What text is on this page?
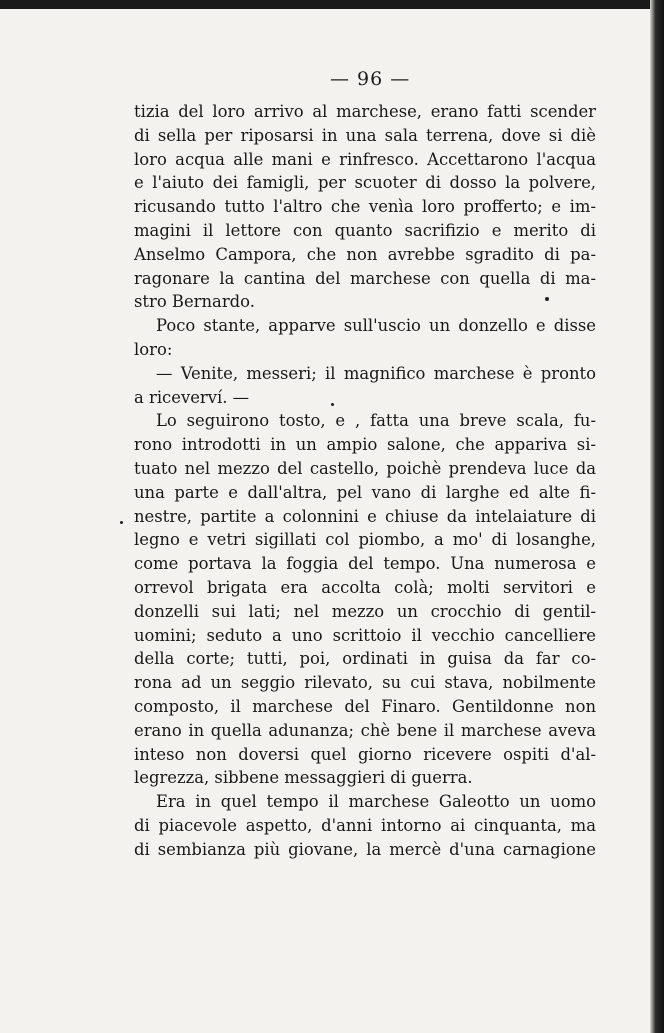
— 96 —
tizia del loro arrivo al marchese, erano fatti scender
di sella per riposarsi in una sala terrena, dove si diè
loro acqua alle mani e rinfresco. Accettarono l'acqua
e l'aiuto dei famigli, per scuoter di dosso la polvere,
ricusando tutto l'altro che venìa loro profferto; e im-
magini il lettore con quanto sacrifizio e merito di
Anselmo Campora, che non avrebbe sgradito di pa-
ragonare la cantina del marchese con quella di ma-
stro Bernardo.
Poco stante, apparve sull'uscio un donzello e disse
loro:
— Venite, messeri; il magnifico marchese è pronto
a riceverví. —
Lo seguirono tosto, e , fatta una breve scala, fu-
rono introdotti in un ampio salone, che appariva si-
tuato nel mezzo del castello, poichè prendeva luce da
una parte e dall'altra, pel vano di larghe ed alte fi-
nestre, partite a colonnini e chiuse da intelaiature di
legno e vetri sigillati col piombo, a mo' di losanghe,
come portava la foggia del tempo. Una numerosa e
orrevol brigata era accolta colà; molti servitori e
donzelli sui lati; nel mezzo un crocchio di gentil-
uomini; seduto a uno scrittoio il vecchio cancelliere
della corte; tutti, poi, ordinati in guisa da far co-
rona ad un seggio rilevato, su cui stava, nobilmente
composto, il marchese del Finaro. Gentildonne non
erano in quella adunanza; chè bene il marchese aveva
inteso non doversi quel giorno ricevere ospiti d'al-
legrezza, sibbene messaggieri di guerra.
Era in quel tempo il marchese Galeotto un uomo
di piacevole aspetto, d'anni intorno ai cinquanta, ma
di sembianza più giovane, la mercè d'una carnagione
